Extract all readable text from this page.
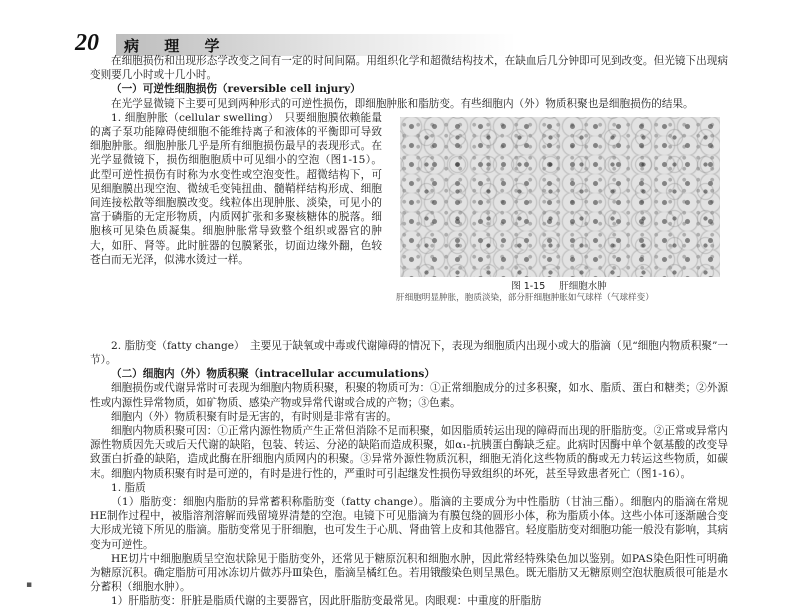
20 病 理 学

在细胞损伤和出现形态学改变之间有一定的时间间隔。用组织化学和超微结构技术，在缺血后几分钟即可见到改变。但光镜下出现病变则要几小时或十几小时。

（一）可逆性细胞损伤（reversible cell injury）

在光学显微镜下主要可见到两种形式的可逆性损伤，即细胞肿胀和脂肪变。有些细胞内（外）物质积聚也是细胞损伤的结果。

1. 细胞肿胀（cellular swelling）　只要细胞膜依赖能量的离子泵功能障碍使细胞不能维持离子和液体的平衡即可导致细胞肿胀。细胞肿胀几乎是所有细胞损伤最早的表现形式。在光学显微镜下，损伤细胞胞质中可见细小的空泡（图1-15）。此型可逆性损伤有时称为水变性或空泡变性。超微结构下，可见细胞膜出现空泡、微绒毛变钝扭曲、髓鞘样结构形成、细胞间连接松散等细胞膜改变。线粒体出现肿胀、淡染，可见小的富于磷脂的无定形物质，内质网扩张和多聚核糖体的脱落。细胞核可见染色质凝集。细胞肿胀常导致整个组织或器官的肿大，如肝、肾等。此时脏器的包膜紧张，切面边缘外翻，色较苍白而无光泽，似沸水烫过一样。

图 1-15 肝细胞水肿
肝细胞明显肿胀，胞质淡染，部分肝细胞肿胀如气球样（气球样变）

2. 脂肪变（fatty change）　主要见于缺氧或中毒或代谢障碍的情况下，表现为细胞质内出现小或大的脂滴（见“细胞内物质积聚”一节）。

（二）细胞内（外）物质积聚（intracellular accumulations）

细胞损伤或代谢异常时可表现为细胞内物质积聚，积聚的物质可为：①正常细胞成分的过多积聚，如水、脂质、蛋白和糖类；②外源性或内源性异常物质，如矿物质、感染产物或异常代谢或合成的产物；③色素。

细胞内（外）物质积聚有时是无害的，有时则是非常有害的。

细胞内物质积聚可因：①正常内源性物质产生正常但消除不足而积聚，如因脂质转运出现的障碍而出现的肝脂肪变。②正常或异常内源性物质因先天或后天代谢的缺陷，包装、转运、分泌的缺陷而造成积聚，如α₁-抗胰蛋白酶缺乏症。此病时因酶中单个氨基酸的改变导致蛋白折叠的缺陷，造成此酶在肝细胞内质网内的积聚。③异常外源性物质沉积，细胞无消化这些物质的酶或无力转运这些物质，如碳末。细胞内物质积聚有时是可逆的，有时是进行性的，严重时可引起继发性损伤导致组织的坏死，甚至导致患者死亡（图1-16）。

1. 脂质

（1）脂肪变：细胞内脂肪的异常蓄积称脂肪变（fatty change）。脂滴的主要成分为中性脂肪（甘油三酯）。细胞内的脂滴在常规HE制作过程中，被脂溶剂溶解而残留境界清楚的空泡。电镜下可见脂滴为有膜包绕的圆形小体，称为脂质小体。这些小体可逐渐融合变大形成光镜下所见的脂滴。脂肪变常见于肝细胞，也可发生于心肌、肾曲管上皮和其他器官。轻度脂肪变对细胞功能一般没有影响，其病变为可逆性。

HE切片中细胞胞质呈空泡状除见于脂肪变外，还常见于糖原沉积和细胞水肿，因此常经特殊染色加以鉴别。如PAS染色阳性可明确为糖原沉积。确定脂肪可用冰冻切片做苏丹Ⅲ染色，脂滴呈橘红色。若用锇酸染色则呈黑色。既无脂肪又无糖原则空泡状胞质很可能是水分蓄积（细胞水肿）。

1）肝脂肪变：肝脏是脂质代谢的主要器官，因此肝脂肪变最常见。肉眼观：中重度的肝脂肪

▪
